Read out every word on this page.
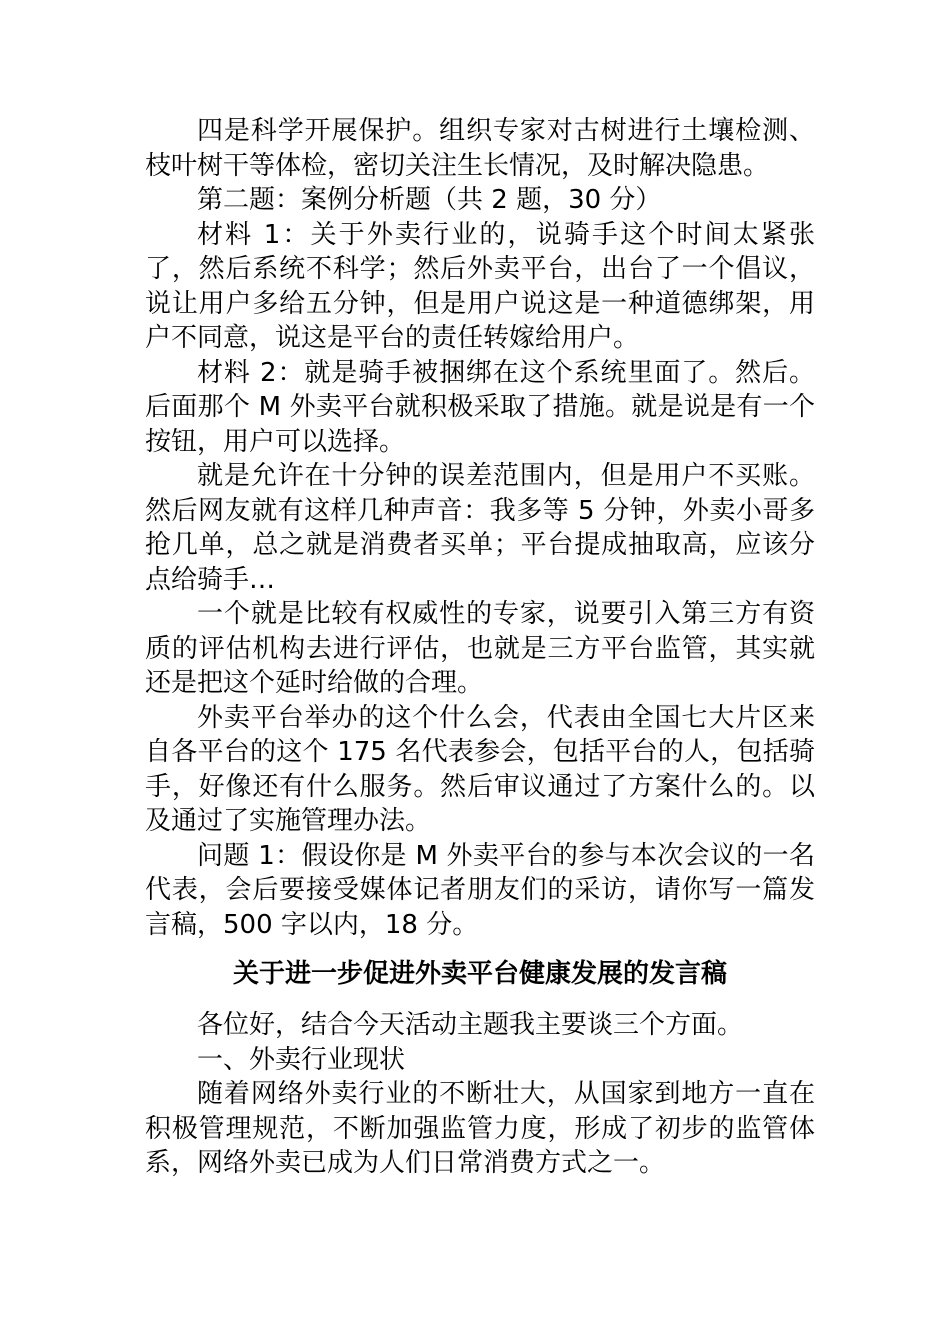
四是科学开展保护。组织专家对古树进行土壤检测、枝叶树干等体检，密切关注生长情况，及时解决隐患。

第二题：案例分析题（共 2 题，30 分）

材料 1：关于外卖行业的，说骑手这个时间太紧张了，然后系统不科学；然后外卖平台，出台了一个倡议，说让用户多给五分钟，但是用户说这是一种道德绑架，用户不同意，说这是平台的责任转嫁给用户。

材料 2：就是骑手被捆绑在这个系统里面了。然后。后面那个 M 外卖平台就积极采取了措施。就是说是有一个按钮，用户可以选择。

就是允许在十分钟的误差范围内，但是用户不买账。然后网友就有这样几种声音：我多等 5 分钟，外卖小哥多抢几单，总之就是消费者买单；平台提成抽取高，应该分点给骑手…

一个就是比较有权威性的专家，说要引入第三方有资质的评估机构去进行评估，也就是三方平台监管，其实就还是把这个延时给做的合理。

外卖平台举办的这个什么会，代表由全国七大片区来自各平台的这个 175 名代表参会，包括平台的人，包括骑手，好像还有什么服务。然后审议通过了方案什么的。以及通过了实施管理办法。

问题 1：假设你是 M 外卖平台的参与本次会议的一名代表，会后要接受媒体记者朋友们的采访，请你写一篇发言稿，500 字以内，18 分。

关于进一步促进外卖平台健康发展的发言稿

各位好，结合今天活动主题我主要谈三个方面。

一、外卖行业现状

随着网络外卖行业的不断壮大，从国家到地方一直在积极管理规范，不断加强监管力度，形成了初步的监管体系，网络外卖已成为人们日常消费方式之一。
